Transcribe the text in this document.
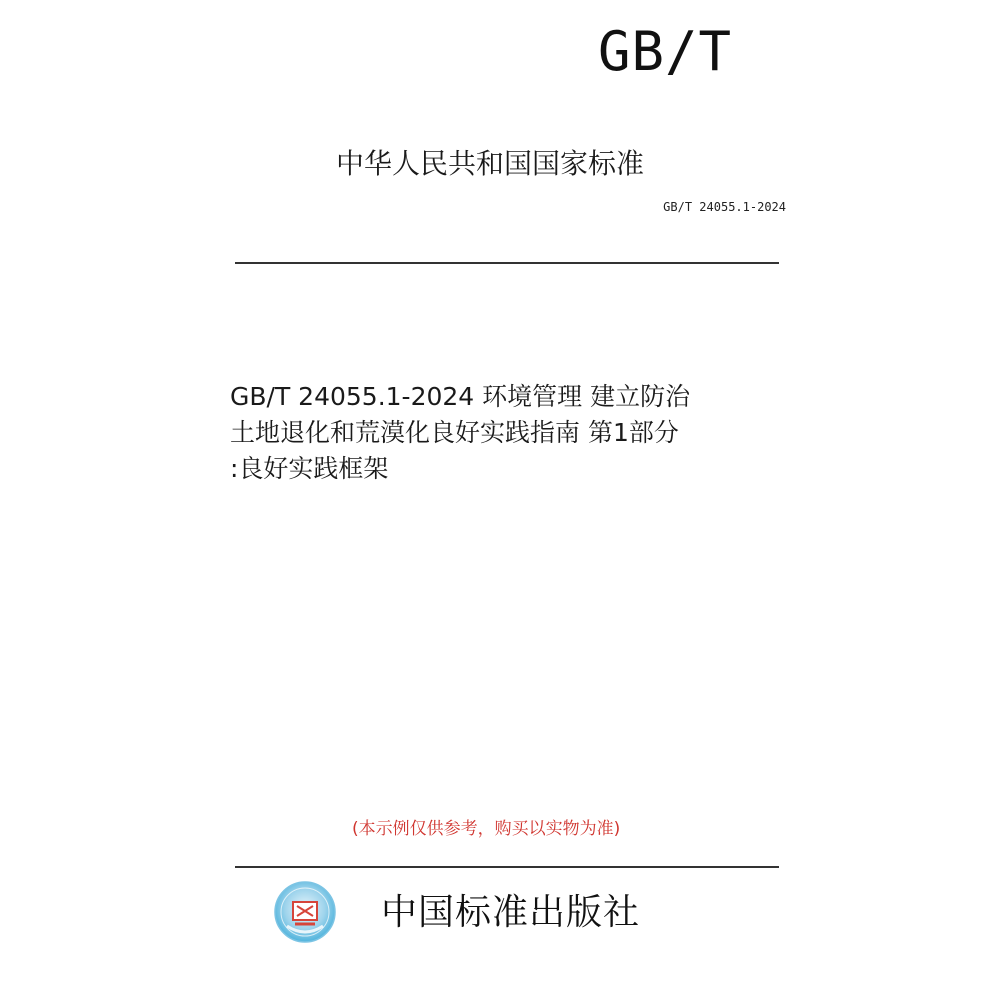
GB/T
中华人民共和国国家标准
GB/T 24055.1-2024
GB/T 24055.1-2024 环境管理 建立防治
土地退化和荒漠化良好实践指南 第1部分
:良好实践框架
(本示例仅供参考，购买以实物为准)
中国标准出版社
